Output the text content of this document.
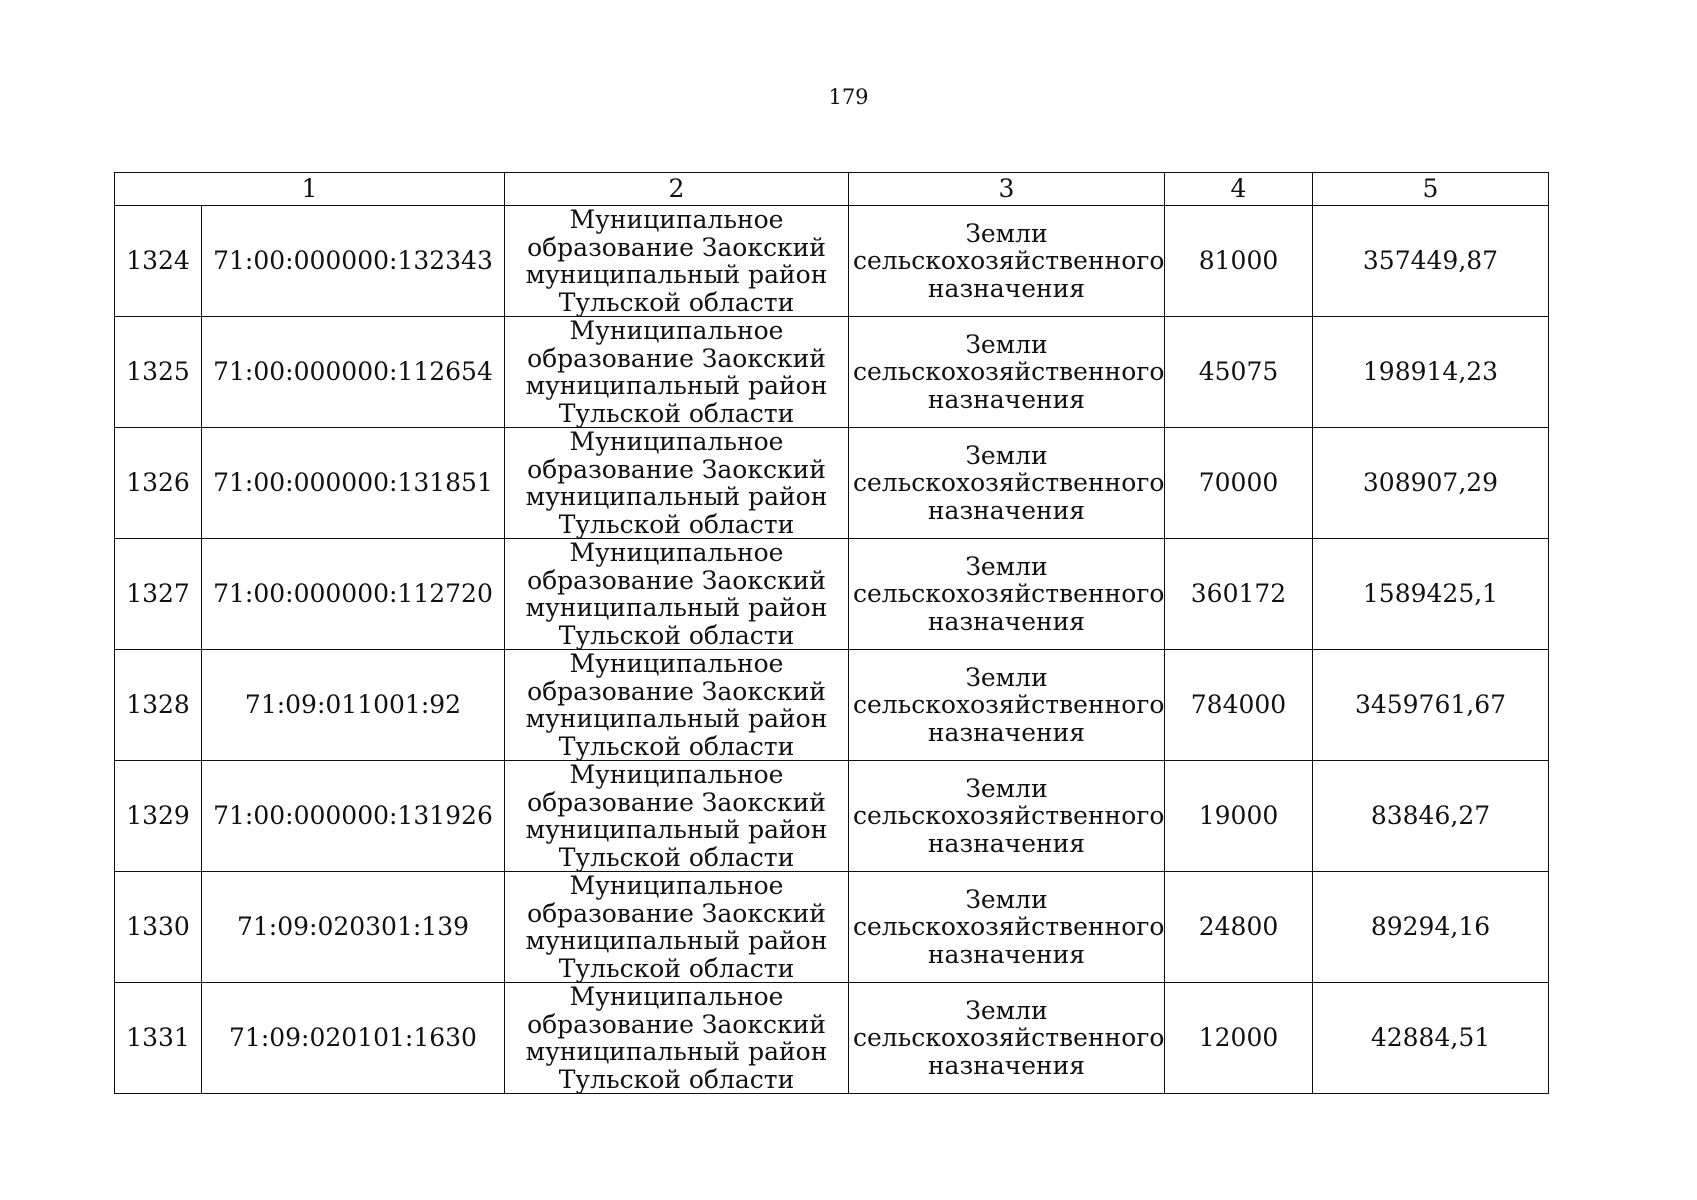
179
1		2	3	4	5
1324	71:00:000000:132343	Муниципальное
образование Заокский
муниципальный район
Тульской области	Земли
сельскохозяйственного
назначения	81000	357449,87
1325	71:00:000000:112654	Муниципальное
образование Заокский
муниципальный район
Тульской области	Земли
сельскохозяйственного
назначения	45075	198914,23
1326	71:00:000000:131851	Муниципальное
образование Заокский
муниципальный район
Тульской области	Земли
сельскохозяйственного
назначения	70000	308907,29
1327	71:00:000000:112720	Муниципальное
образование Заокский
муниципальный район
Тульской области	Земли
сельскохозяйственного
назначения	360172	1589425,1
1328	71:09:011001:92	Муниципальное
образование Заокский
муниципальный район
Тульской области	Земли
сельскохозяйственного
назначения	784000	3459761,67
1329	71:00:000000:131926	Муниципальное
образование Заокский
муниципальный район
Тульской области	Земли
сельскохозяйственного
назначения	19000	83846,27
1330	71:09:020301:139	Муниципальное
образование Заокский
муниципальный район
Тульской области	Земли
сельскохозяйственного
назначения	24800	89294,16
1331	71:09:020101:1630	Муниципальное
образование Заокский
муниципальный район
Тульской области	Земли
сельскохозяйственного
назначения	12000	42884,51
